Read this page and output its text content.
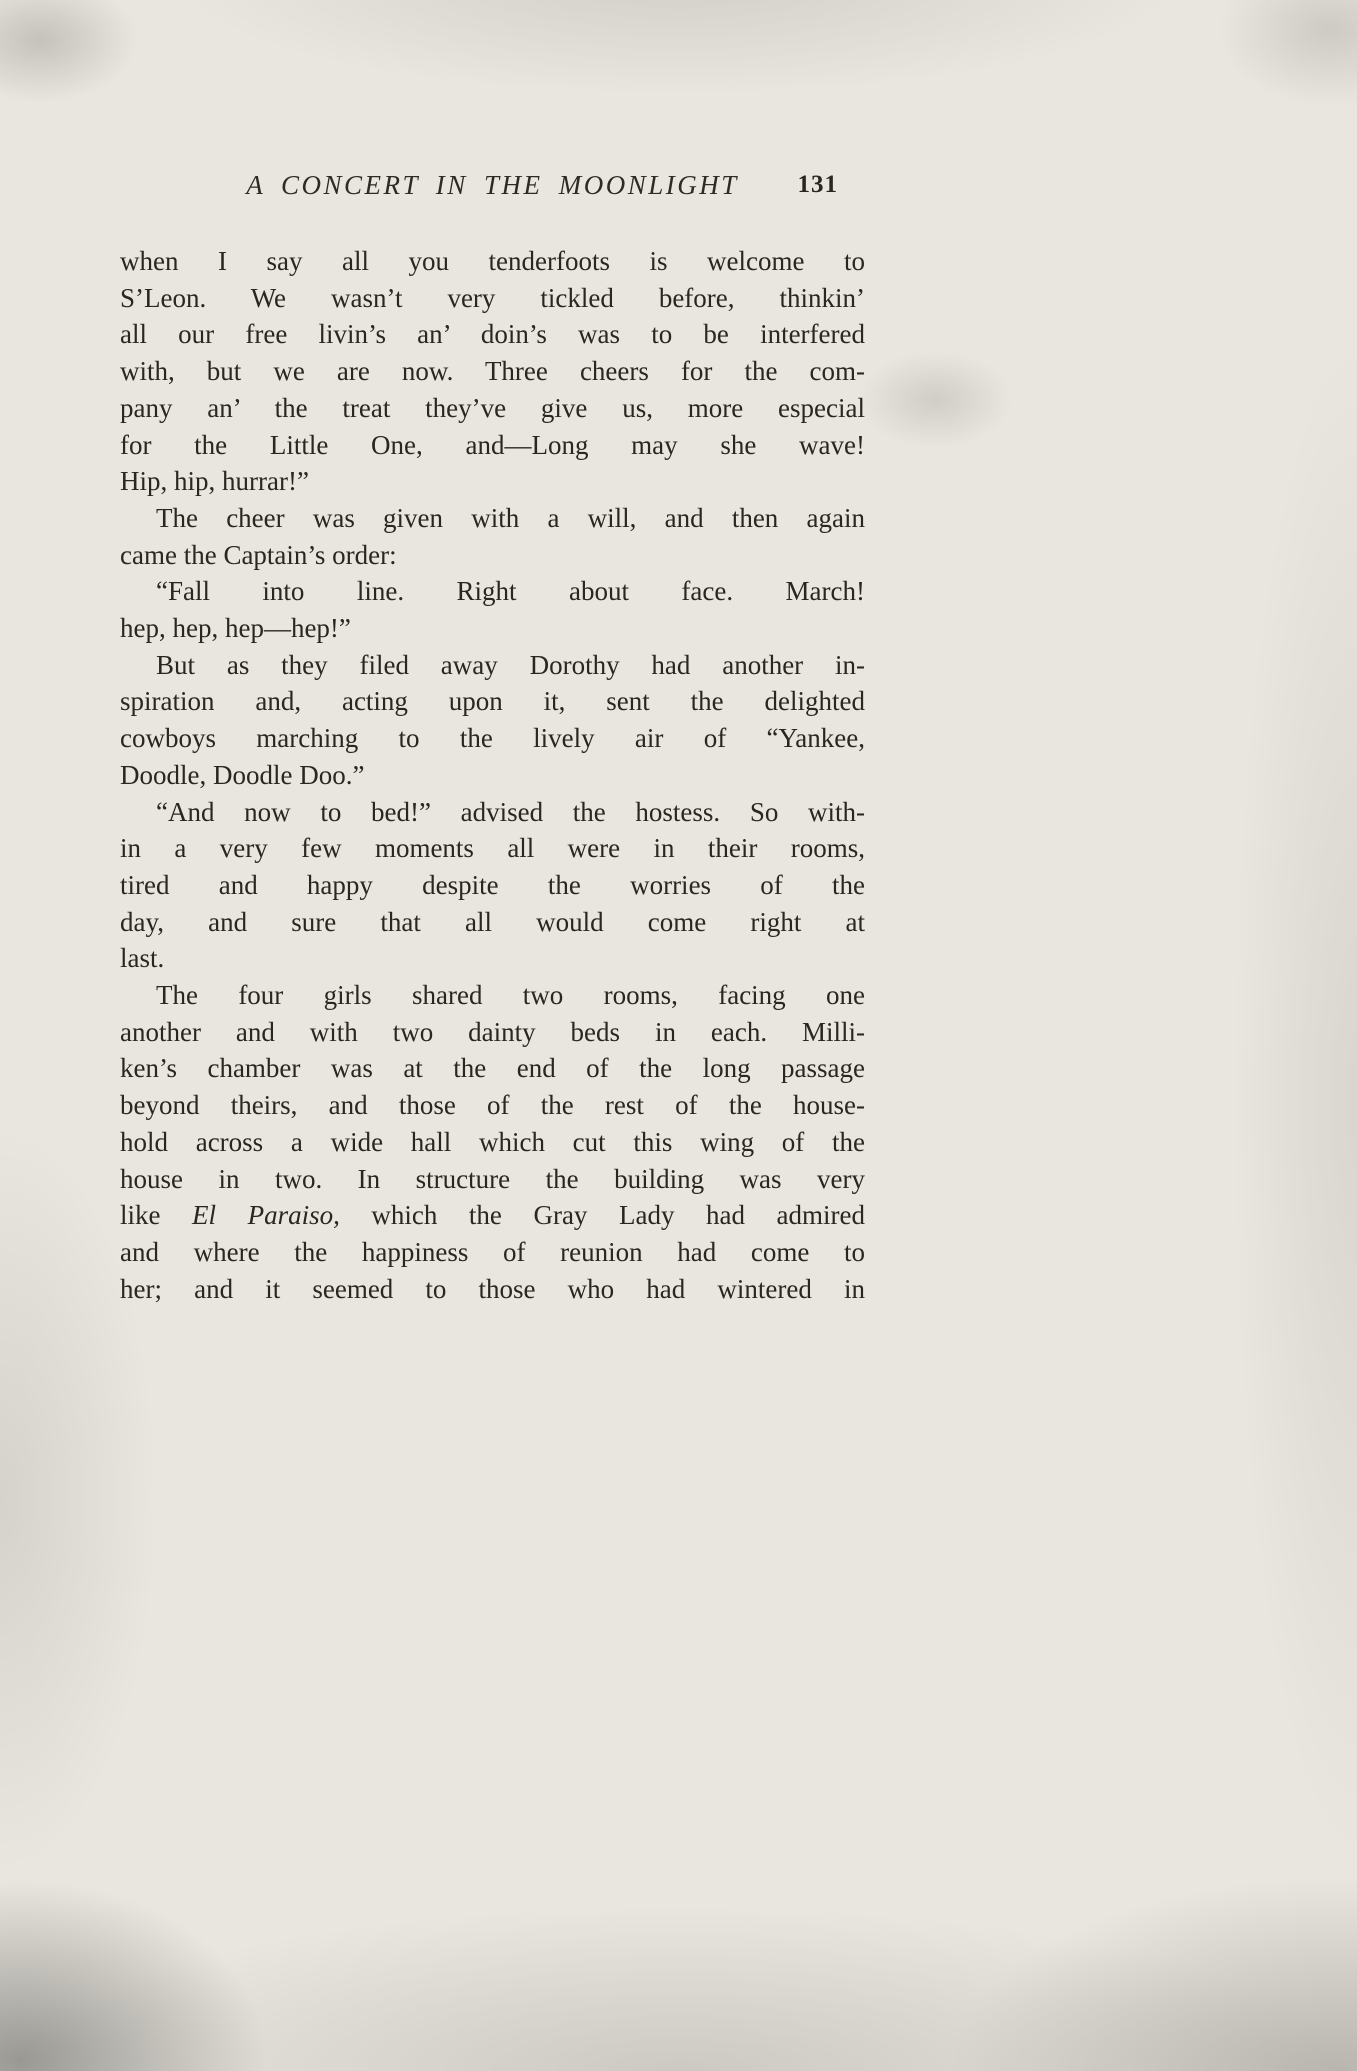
A CONCERT IN THE MOONLIGHT	131
when I say all you tenderfoots is welcome to
S’Leon. We wasn’t very tickled before, thinkin’
all our free livin’s an’ doin’s was to be interfered
with, but we are now. Three cheers for the com-
pany an’ the treat they’ve give us, more especial
for the Little One, and—Long may she wave!
Hip, hip, hurrar!”
The cheer was given with a will, and then again
came the Captain’s order:
“Fall into line. Right about face. March!
hep, hep, hep—hep!”
But as they filed away Dorothy had another in-
spiration and, acting upon it, sent the delighted
cowboys marching to the lively air of “Yankee,
Doodle, Doodle Doo.”
“And now to bed!” advised the hostess. So with-
in a very few moments all were in their rooms,
tired and happy despite the worries of the
day, and sure that all would come right at
last.
The four girls shared two rooms, facing one
another and with two dainty beds in each. Milli-
ken’s chamber was at the end of the long passage
beyond theirs, and those of the rest of the house-
hold across a wide hall which cut this wing of the
house in two. In structure the building was very
like El Paraiso, which the Gray Lady had admired
and where the happiness of reunion had come to
her; and it seemed to those who had wintered in
